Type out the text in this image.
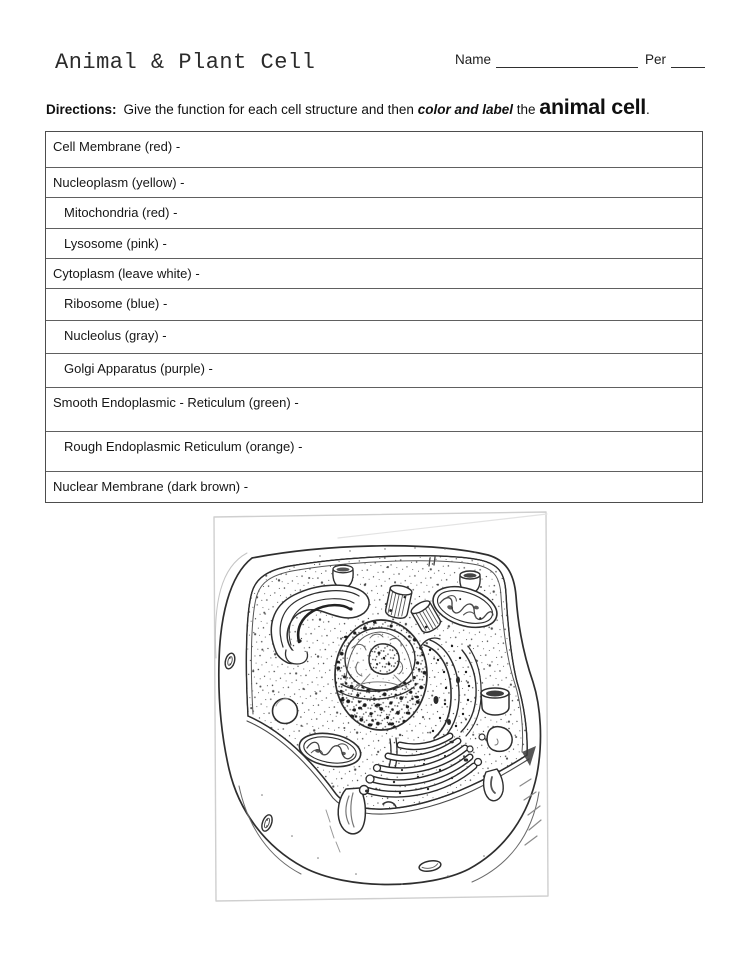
Animal & Plant Cell	Name	Per
Directions: Give the function for each cell structure and then color and label the animal cell.
Cell Membrane (red) -
Nucleoplasm (yellow) -
Mitochondria (red) -
Lysosome (pink) -
Cytoplasm (leave white) -
Ribosome (blue) -
Nucleolus (gray) -
Golgi Apparatus (purple) -
Smooth Endoplasmic - Reticulum (green) -
Rough Endoplasmic Reticulum (orange) -
Nuclear Membrane (dark brown) -
